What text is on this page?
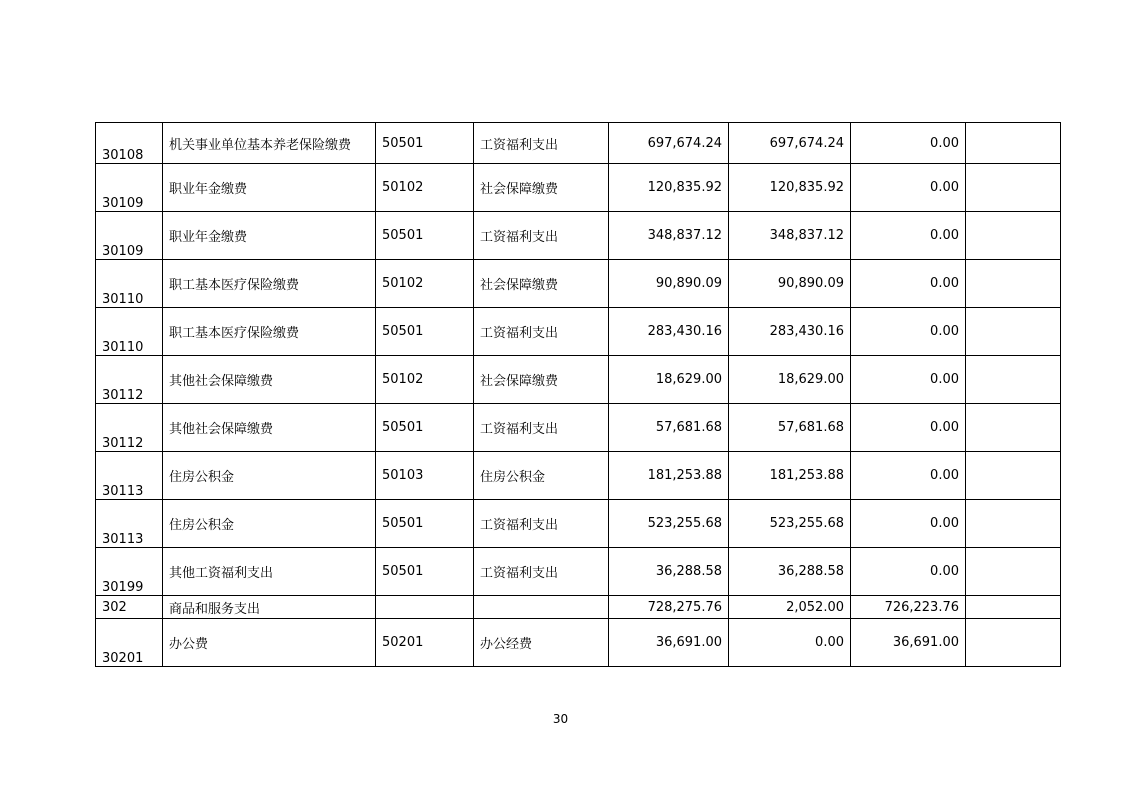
30108	机关事业单位基本养老保险缴费	50501	工资福利支出	697,674.24	697,674.24	0.00	
30109	职业年金缴费	50102	社会保障缴费	120,835.92	120,835.92	0.00	
30109	职业年金缴费	50501	工资福利支出	348,837.12	348,837.12	0.00	
30110	职工基本医疗保险缴费	50102	社会保障缴费	90,890.09	90,890.09	0.00	
30110	职工基本医疗保险缴费	50501	工资福利支出	283,430.16	283,430.16	0.00	
30112	其他社会保障缴费	50102	社会保障缴费	18,629.00	18,629.00	0.00	
30112	其他社会保障缴费	50501	工资福利支出	57,681.68	57,681.68	0.00	
30113	住房公积金	50103	住房公积金	181,253.88	181,253.88	0.00	
30113	住房公积金	50501	工资福利支出	523,255.68	523,255.68	0.00	
30199	其他工资福利支出	50501	工资福利支出	36,288.58	36,288.58	0.00	
302	商品和服务支出			728,275.76	2,052.00	726,223.76	
30201	办公费	50201	办公经费	36,691.00	0.00	36,691.00	
30
